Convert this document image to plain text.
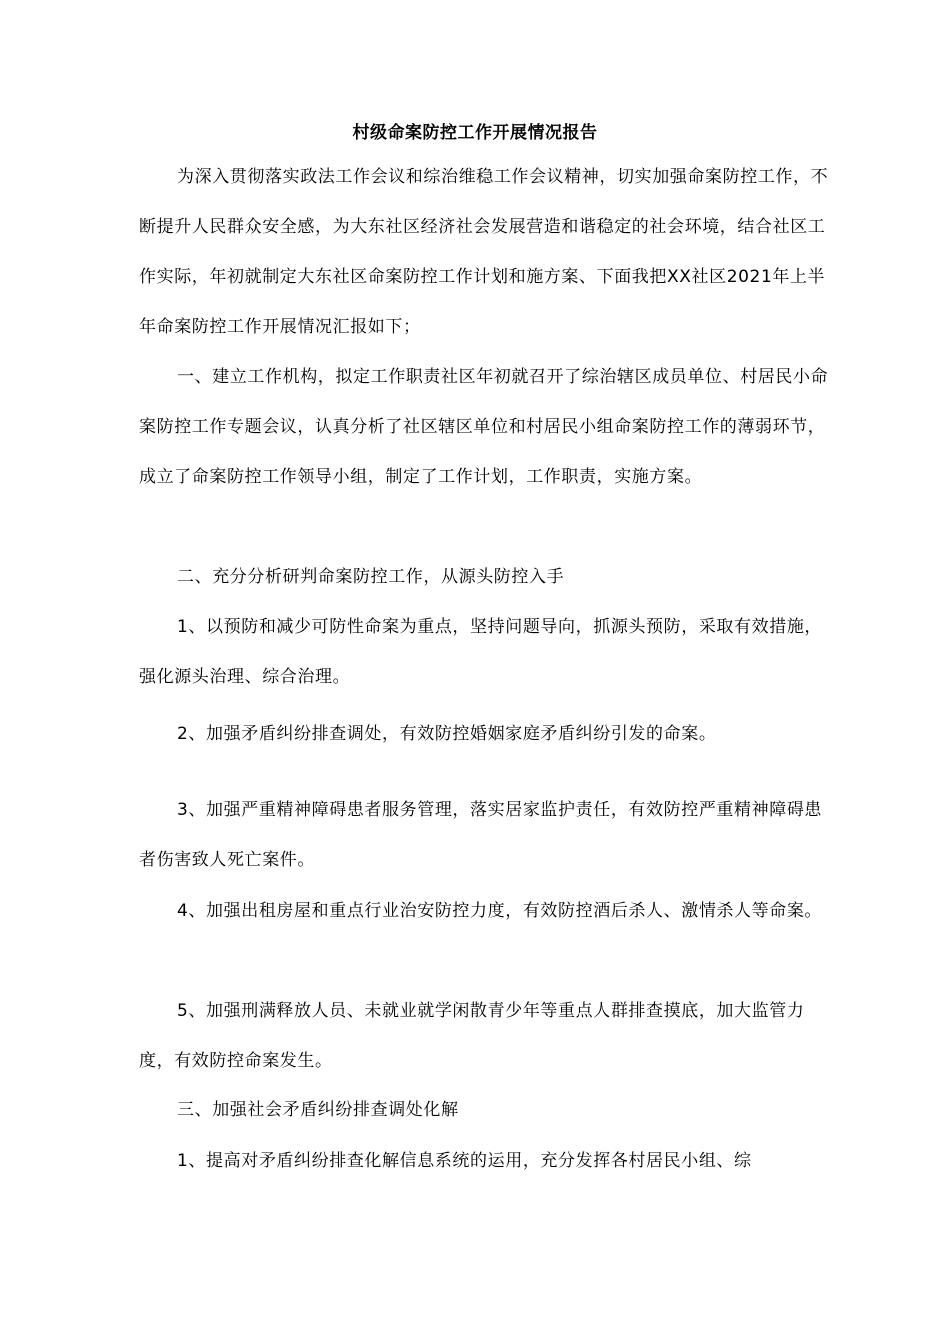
村级命案防控工作开展情况报告

为深入贯彻落实政法工作会议和综治维稳工作会议精神，切实加强命案防控工作，不断提升人民群众安全感，为大东社区经济社会发展营造和谐稳定的社会环境，结合社区工作实际，年初就制定大东社区命案防控工作计划和施方案、下面我把XX社区2021年上半年命案防控工作开展情况汇报如下；

一、建立工作机构，拟定工作职责社区年初就召开了综治辖区成员单位、村居民小命案防控工作专题会议，认真分析了社区辖区单位和村居民小组命案防控工作的薄弱环节，成立了命案防控工作领导小组，制定了工作计划，工作职责，实施方案。

二、充分分析研判命案防控工作，从源头防控入手

1、以预防和减少可防性命案为重点，坚持问题导向，抓源头预防，采取有效措施，强化源头治理、综合治理。

2、加强矛盾纠纷排查调处，有效防控婚姻家庭矛盾纠纷引发的命案。

3、加强严重精神障碍患者服务管理，落实居家监护责任，有效防控严重精神障碍患者伤害致人死亡案件。

4、加强出租房屋和重点行业治安防控力度，有效防控酒后杀人、激情杀人等命案。

5、加强刑满释放人员、未就业就学闲散青少年等重点人群排查摸底，加大监管力度，有效防控命案发生。

三、加强社会矛盾纠纷排查调处化解

1、提高对矛盾纠纷排查化解信息系统的运用，充分发挥各村居民小组、综
